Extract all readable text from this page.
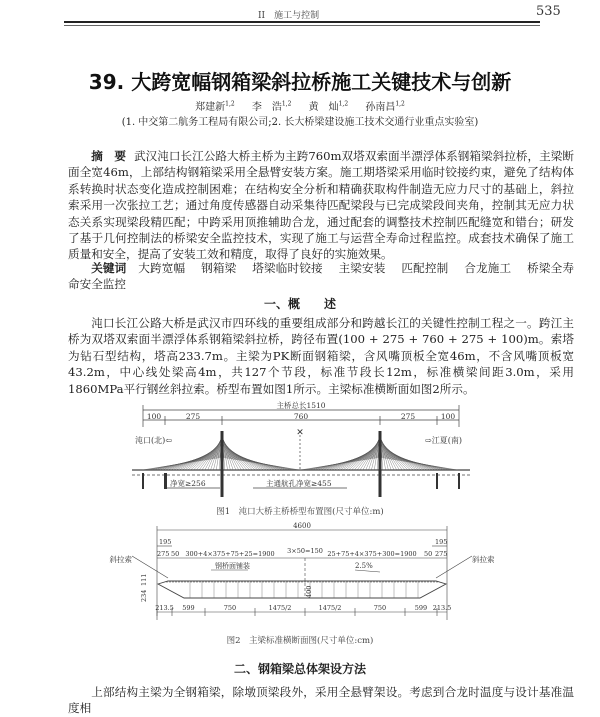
II　施工与控制	535
39. 大跨宽幅钢箱梁斜拉桥施工关键技术与创新
郑建新$^{1,2}$ 李　浩$^{1,2}$ 黄　灿$^{1,2}$ 孙南昌$^{1,2}$
(1. 中交第二航务工程局有限公司;2. 长大桥梁建设施工技术交通行业重点实验室)
摘　要 武汉沌口长江公路大桥主桥为主跨760m双塔双索面半漂浮体系钢箱梁斜拉桥，主梁断面全宽46m，上部结构钢箱梁采用全悬臂安装方案。施工期塔梁采用临时铰接约束，避免了结构体系转换时状态变化造成控制困难；在结构安全分析和精确获取构件制造无应力尺寸的基础上，斜拉索采用一次张拉工艺；通过角度传感器自动采集待匹配梁段与已完成梁段间夹角，控制其无应力状态关系实现梁段精匹配；中跨采用顶推辅助合龙，通过配套的调整技术控制匹配缝宽和错台；研发了基于几何控制法的桥梁安全监控技术，实现了施工与运营全寿命过程监控。成套技术确保了施工质量和安全，提高了安装工效和精度，取得了良好的实施效果。
关键词 大跨宽幅 钢箱梁 塔梁临时铰接 主梁安装 匹配控制 合龙施工 桥梁全寿命安全监控
一、概　　述
沌口长江公路大桥是武汉市四环线的重要组成部分和跨越长江的关键性控制工程之一。跨江主桥为双塔双索面半漂浮体系钢箱梁斜拉桥，跨径布置(100 + 275 + 760 + 275 + 100)m。索塔为钻石型结构，塔高233.7m。主梁为PK断面钢箱梁，含风嘴顶板全宽46m，不含风嘴顶板宽43.2m，中心线处梁高4m，共127个节段，标准节段长12m，标准横梁间距3.0m，采用1860MPa平行钢丝斜拉索。桥型布置如图1所示。主梁标准横断面如图2所示。
主桥总长1510
100	275	760	275	100
沌口(北)⇦	⇨江夏(南)
净宽≥256	主通航孔净宽≥455
✕
图1　沌口大桥主桥桥型布置图(尺寸单位:m)
4600
195	195
275 50 300+4×375+75+25=1900 3×50=150 25+75+4×375+300=1900 50 275
斜拉索	斜拉索
钢桥面铺装	2.5%
111
234	400
213.5 599	750	1475/2	1475/2	750	599 213.5
图2　主梁标准横断面图(尺寸单位:cm)
二、钢箱梁总体架设方法
上部结构主梁为全钢箱梁，除墩顶梁段外，采用全悬臂架设。考虑到合龙时温度与设计基准温度相
